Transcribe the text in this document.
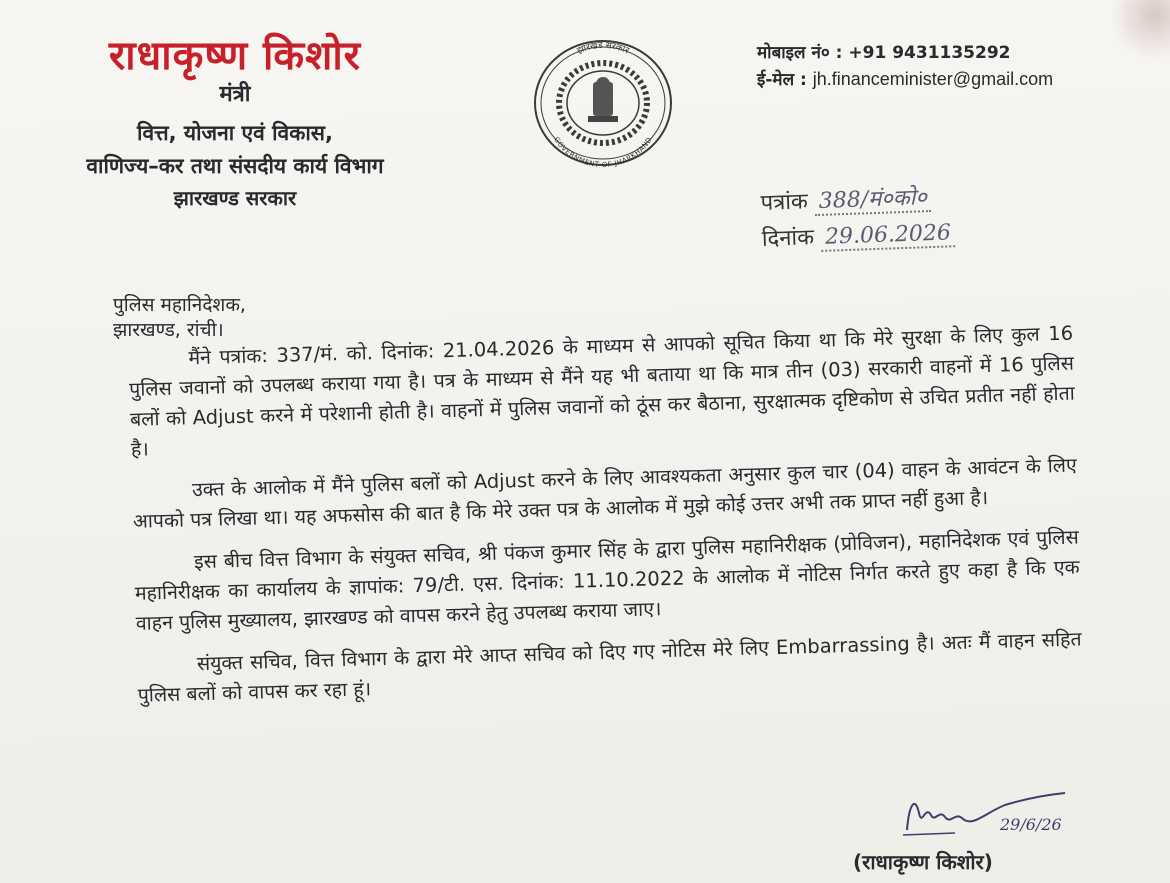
राधाकृष्ण किशोर
मंत्री
वित्त, योजना एवं विकास,
वाणिज्य–कर तथा संसदीय कार्य विभाग
झारखण्ड सरकार
झारखंड सरकार
GOVERNMENT OF JHARKHAND
मोबाइल नं० : +91 9431135292
ई-मेल : jh.financeminister@gmail.com
पत्रांक 388/मं०को०
दिनांक 29.06.2026
पुलिस महानिदेशक,
झारखण्ड, रांची।

मैंने पत्रांक: 337/मं. को. दिनांक: 21.04.2026 के माध्यम से आपको सूचित किया था कि मेरे सुरक्षा के लिए कुल 16 पुलिस जवानों को उपलब्ध कराया गया है। पत्र के माध्यम से मैंने यह भी बताया था कि मात्र तीन (03) सरकारी वाहनों में 16 पुलिस बलों को Adjust करने में परेशानी होती है। वाहनों में पुलिस जवानों को ठूंस कर बैठाना, सुरक्षात्मक दृष्टिकोण से उचित प्रतीत नहीं होता है।

उक्त के आलोक में मैंने पुलिस बलों को Adjust करने के लिए आवश्यकता अनुसार कुल चार (04) वाहन के आवंटन के लिए आपको पत्र लिखा था। यह अफसोस की बात है कि मेरे उक्त पत्र के आलोक में मुझे कोई उत्तर अभी तक प्राप्त नहीं हुआ है।

इस बीच वित्त विभाग के संयुक्त सचिव, श्री पंकज कुमार सिंह के द्वारा पुलिस महानिरीक्षक (प्रोविजन), महानिदेशक एवं पुलिस महानिरीक्षक का कार्यालय के ज्ञापांक: 79/टी. एस. दिनांक: 11.10.2022 के आलोक में नोटिस निर्गत करते हुए कहा है कि एक वाहन पुलिस मुख्यालय, झारखण्ड को वापस करने हेतु उपलब्ध कराया जाए।

संयुक्त सचिव, वित्त विभाग के द्वारा मेरे आप्त सचिव को दिए गए नोटिस मेरे लिए Embarrassing है। अतः मैं वाहन सहित पुलिस बलों को वापस कर रहा हूं।

29/6/26
(राधाकृष्ण किशोर)
